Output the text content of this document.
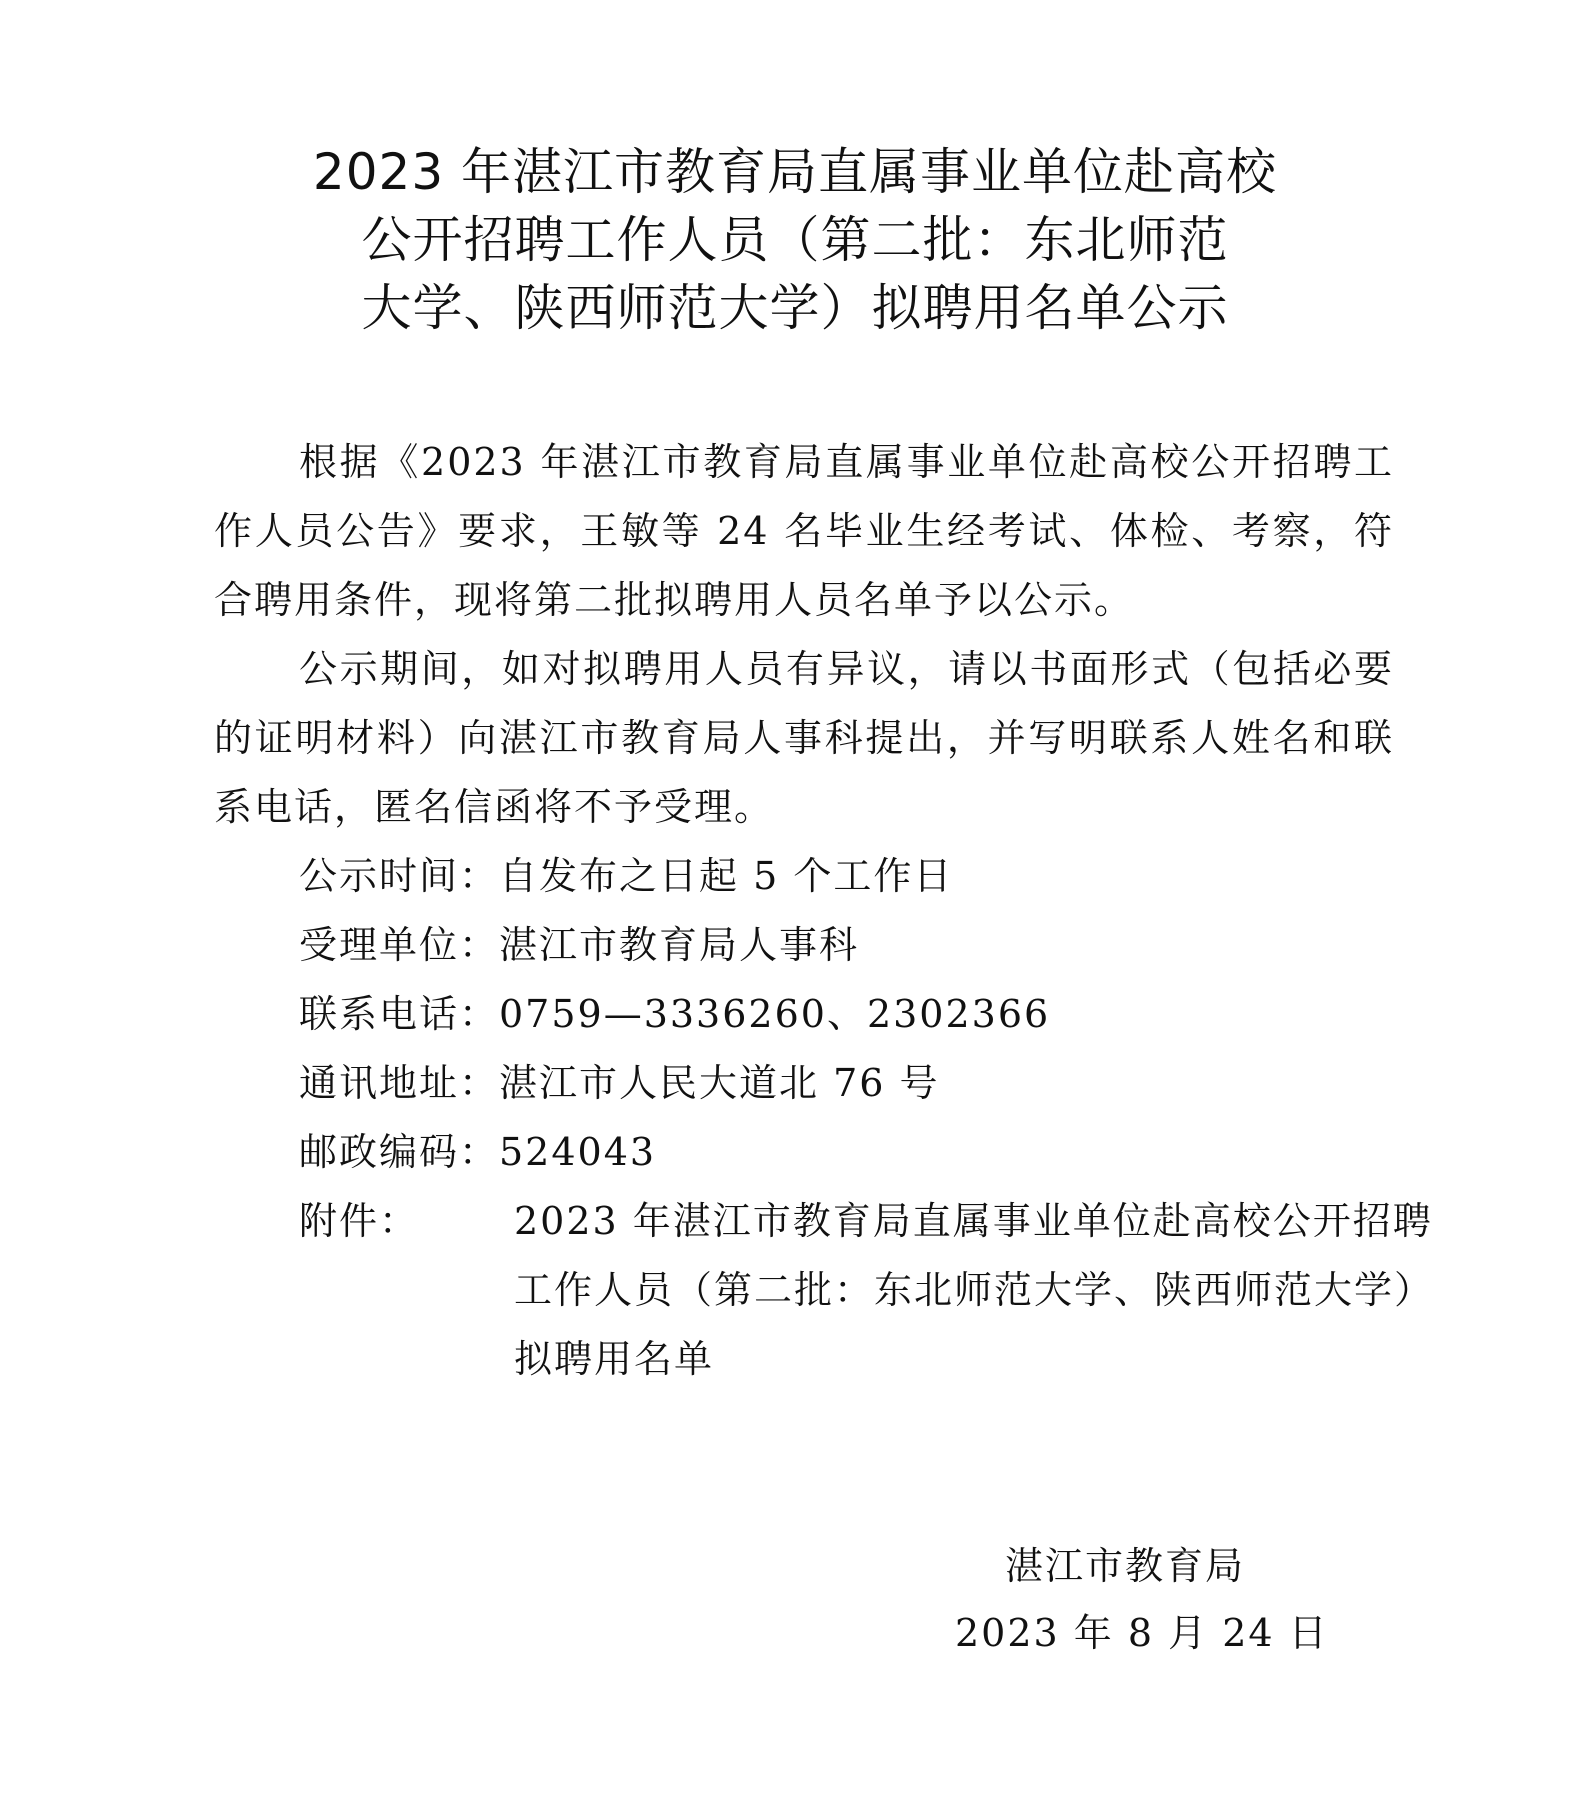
2023 年湛江市教育局直属事业单位赴高校
公开招聘工作人员（第二批：东北师范
大学、陕西师范大学）拟聘用名单公示

根据《2023 年湛江市教育局直属事业单位赴高校公开招聘工作人员公告》要求，王敏等 24 名毕业生经考试、体检、考察，符合聘用条件，现将第二批拟聘用人员名单予以公示。

公示期间，如对拟聘用人员有异议，请以书面形式（包括必要的证明材料）向湛江市教育局人事科提出，并写明联系人姓名和联系电话，匿名信函将不予受理。

公示时间：自发布之日起 5 个工作日

受理单位：湛江市教育局人事科

联系电话：0759—3336260、2302366

通讯地址：湛江市人民大道北 76 号

邮政编码：524043

附件： 2023 年湛江市教育局直属事业单位赴高校公开招聘
工作人员（第二批：东北师范大学、陕西师范大学）
拟聘用名单
湛江市教育局
2023 年 8 月 24 日
